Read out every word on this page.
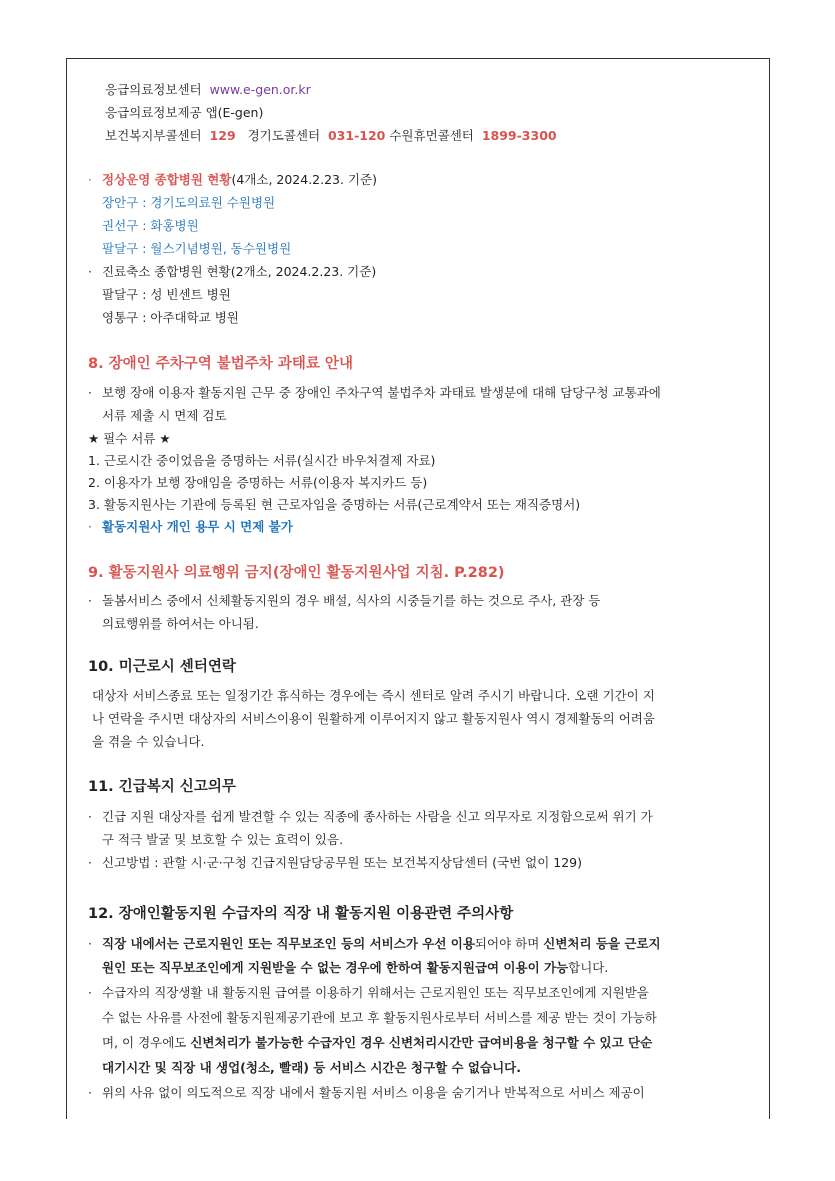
응급의료정보센터 www.e-gen.or.kr
응급의료정보제공 앱(E-gen)
보건복지부콜센터 129 경기도콜센터 031-120 수원휴먼콜센터 1899-3300
· 정상운영 종합병원 현황(4개소, 2024.2.23. 기준)
장안구 : 경기도의료원 수원병원
권선구 : 화홍병원
팔달구 : 월스기념병원, 동수원병원
· 진료축소 종합병원 현황(2개소, 2024.2.23. 기준)
팔달구 : 성 빈센트 병원
영통구 : 아주대학교 병원
8. 장애인 주차구역 불법주차 과태료 안내
· 보행 장애 이용자 활동지원 근무 중 장애인 주차구역 불법주차 과태료 발생분에 대해 담당구청 교통과에
서류 제출 시 면제 검토
★ 필수 서류 ★
1. 근로시간 중이었음을 증명하는 서류(실시간 바우처결제 자료)
2. 이용자가 보행 장애임을 증명하는 서류(이용자 복지카드 등)
3. 활동지원사는 기관에 등록된 현 근로자임을 증명하는 서류(근로계약서 또는 재직증명서)
· 활동지원사 개인 용무 시 면제 불가
9. 활동지원사 의료행위 금지(장애인 활동지원사업 지침. P.282)
· 돌봄서비스 중에서 신체활동지원의 경우 배설, 식사의 시중들기를 하는 것으로 주사, 관장 등
의료행위를 하여서는 아니됨.
10. 미근로시 센터연락
대상자 서비스종료 또는 일정기간 휴식하는 경우에는 즉시 센터로 알려 주시기 바랍니다. 오랜 기간이 지
나 연락을 주시면 대상자의 서비스이용이 원활하게 이루어지지 않고 활동지원사 역시 경제활동의 어려움
을 겪을 수 있습니다.
11. 긴급복지 신고의무
· 긴급 지원 대상자를 쉽게 발견할 수 있는 직종에 종사하는 사람을 신고 의무자로 지정함으로써 위기 가
구 적극 발굴 및 보호할 수 있는 효력이 있음.
· 신고방법 : 관할 시·군·구청 긴급지원담당공무원 또는 보건복지상담센터 (국번 없이 129)
12. 장애인활동지원 수급자의 직장 내 활동지원 이용관련 주의사항
· 직장 내에서는 근로지원인 또는 직무보조인 등의 서비스가 우선 이용되어야 하며 신변처리 등을 근로지
원인 또는 직무보조인에게 지원받을 수 없는 경우에 한하여 활동지원급여 이용이 가능합니다.
· 수급자의 직장생활 내 활동지원 급여를 이용하기 위해서는 근로지원인 또는 직무보조인에게 지원받을
수 없는 사유를 사전에 활동지원제공기관에 보고 후 활동지원사로부터 서비스를 제공 받는 것이 가능하
며, 이 경우에도 신변처리가 불가능한 수급자인 경우 신변처리시간만 급여비용을 청구할 수 있고 단순
대기시간 및 직장 내 생업(청소, 빨래) 등 서비스 시간은 청구할 수 없습니다.
· 위의 사유 없이 의도적으로 직장 내에서 활동지원 서비스 이용을 숨기거나 반복적으로 서비스 제공이
